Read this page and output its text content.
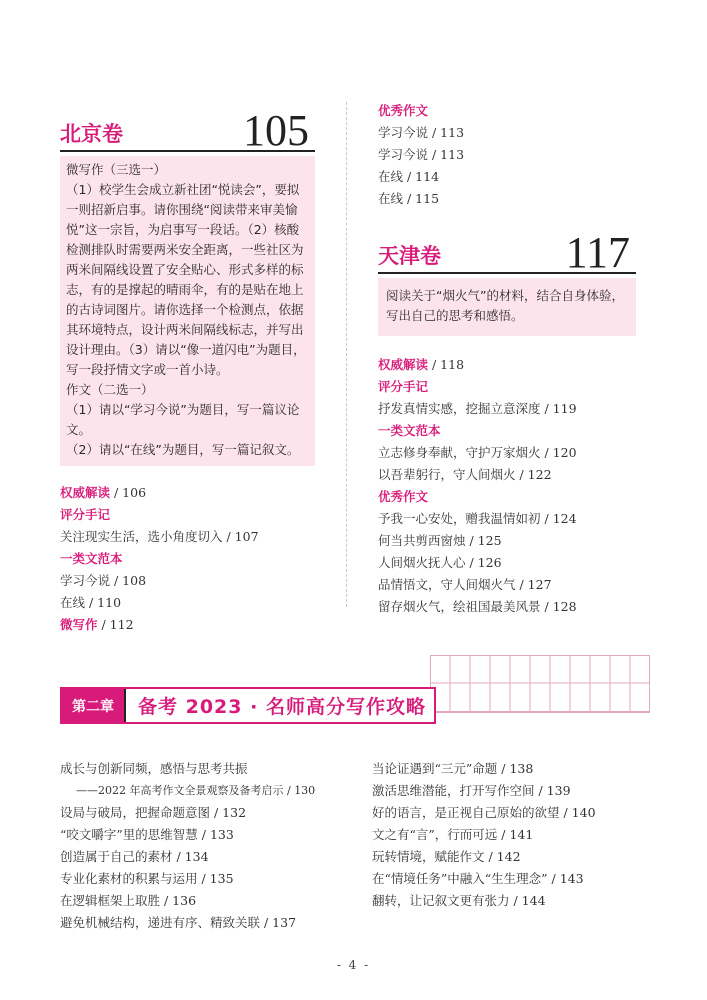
北京卷	105

微写作（三选一）

（1）校学生会成立新社团“悦读会”，要拟一则招新启事。请你围绕“阅读带来审美愉悦”这一宗旨，为启事写一段话。（2）核酸检测排队时需要两米安全距离，一些社区为两米间隔线设置了安全贴心、形式多样的标志，有的是撑起的晴雨伞，有的是贴在地上的古诗词图片。请你选择一个检测点，依据其环境特点，设计两米间隔线标志，并写出设计理由。（3）请以“像一道闪电”为题目，写一段抒情文字或一首小诗。

作文（二选一）

（1）请以“学习今说”为题目，写一篇议论文。

（2）请以“在线”为题目，写一篇记叙文。

权威解读 / 106
评分手记
关注现实生活，选小角度切入 / 107
一类文范本
学习今说 / 108
在线 / 110
微写作 / 112
优秀作文
学习今说 / 113
学习今说 / 113
在线 / 114
在线 / 115
天津卷	117

阅读关于“烟火气”的材料，结合自身体验，写出自己的思考和感悟。

权威解读 / 118
评分手记
抒发真情实感，挖掘立意深度 / 119
一类文范本
立志修身奉献，守护万家烟火 / 120
以吾辈躬行，守人间烟火 / 122
优秀作文
予我一心安处，赠我温情如初 / 124
何当共剪西窗烛 / 125
人间烟火抚人心 / 126
品情悟文，守人间烟火气 / 127
留存烟火气，绘祖国最美风景 / 128
第二章	备考 2023 · 名师高分写作攻略
成长与创新同频，感悟与思考共振
——2022 年高考作文全景观察及备考启示 / 130
设局与破局，把握命题意图 / 132
“咬文嚼字”里的思维智慧 / 133
创造属于自己的素材 / 134
专业化素材的积累与运用 / 135
在逻辑框架上取胜 / 136
避免机械结构，递进有序、精致关联 / 137
当论证遇到“三元”命题 / 138
激活思维潜能，打开写作空间 / 139
好的语言，是正视自己原始的欲望 / 140
文之有“言”，行而可远 / 141
玩转情境，赋能作文 / 142
在“情境任务”中融入“生生理念” / 143
翻转，让记叙文更有张力 / 144
- 4 -
